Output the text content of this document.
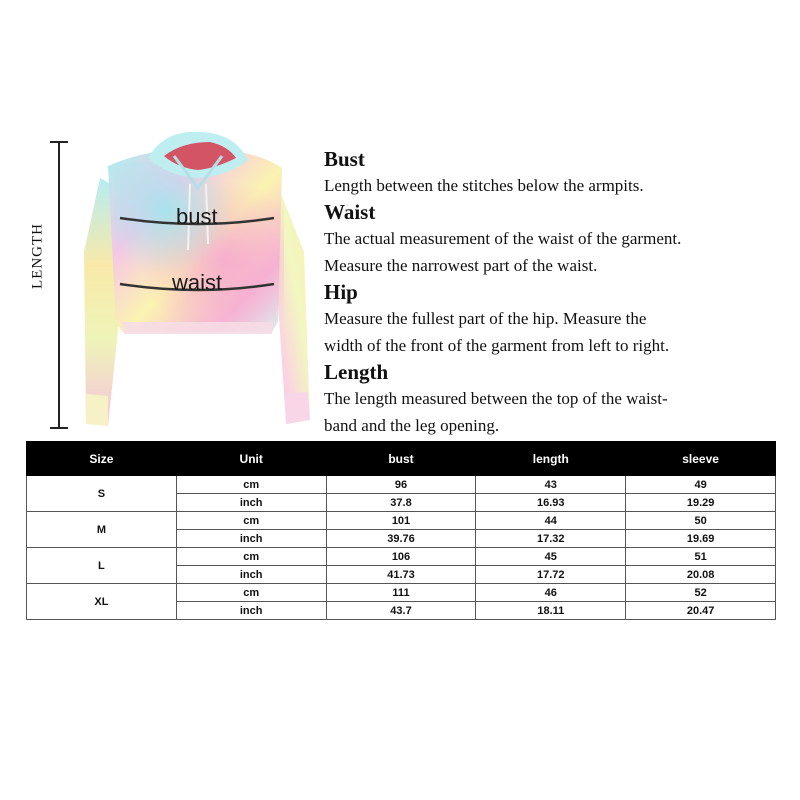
LENGTH
bust
waist
Bust

Length between the stitches below the armpits.

Waist

The actual measurement of the waist of the garment.

Measure the narrowest part of the waist.

Hip

Measure the fullest part of the hip. Measure the

width of the front of the garment from left to right.

Length

The length measured between the top of the waist-

band and the leg opening.

Size	Unit	bust	length	sleeve
S	cm	96	43	49
	inch	37.8	16.93	19.29
M	cm	101	44	50
	inch	39.76	17.32	19.69
L	cm	106	45	51
	inch	41.73	17.72	20.08
XL	cm	111	46	52
	inch	43.7	18.11	20.47
